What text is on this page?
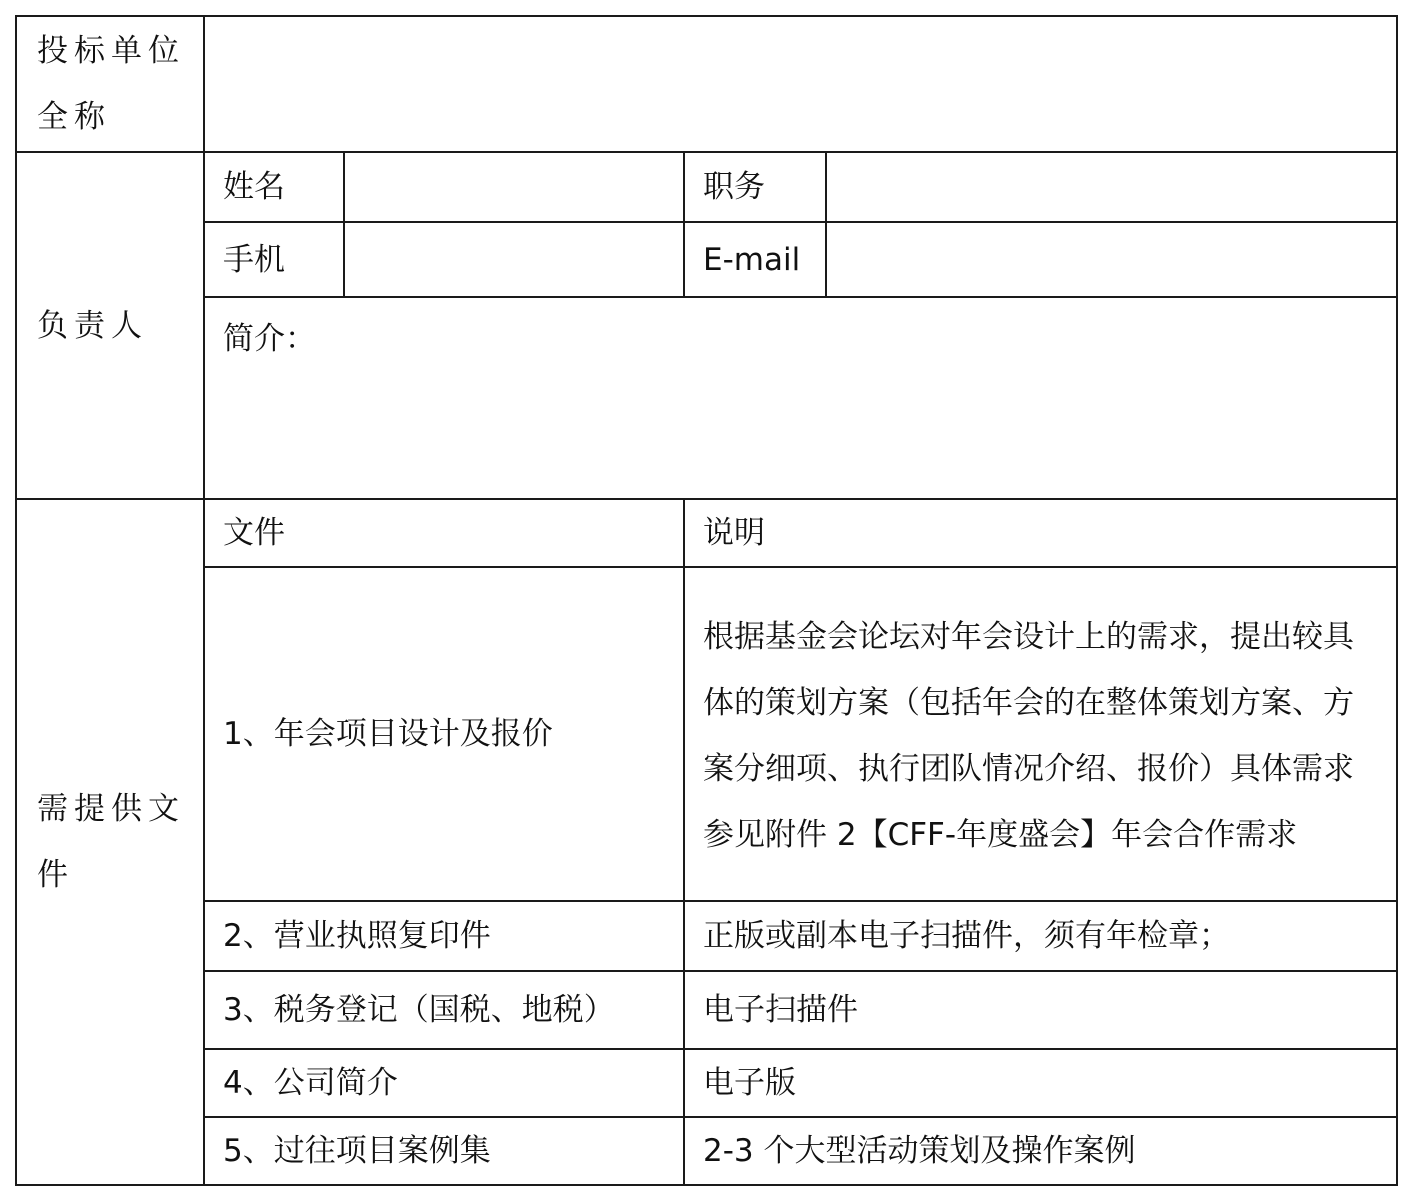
投标单位全称				

负责人	姓名		职务	
	手机		E-mail	
	简介：			

需提供文件	文件		说明	
	1、年会项目设计及报价		根据基金会论坛对年会设计上的需求，提出较具体的策划方案（包括年会的在整体策划方案、方案分细项、执行团队情况介绍、报价）具体需求参见附件 2【CFF-年度盛会】年会合作需求	
	2、营业执照复印件		正版或副本电子扫描件，须有年检章；	
	3、税务登记（国税、地税）		电子扫描件	
	4、公司简介		电子版	
	5、过往项目案例集		2-3 个大型活动策划及操作案例	
